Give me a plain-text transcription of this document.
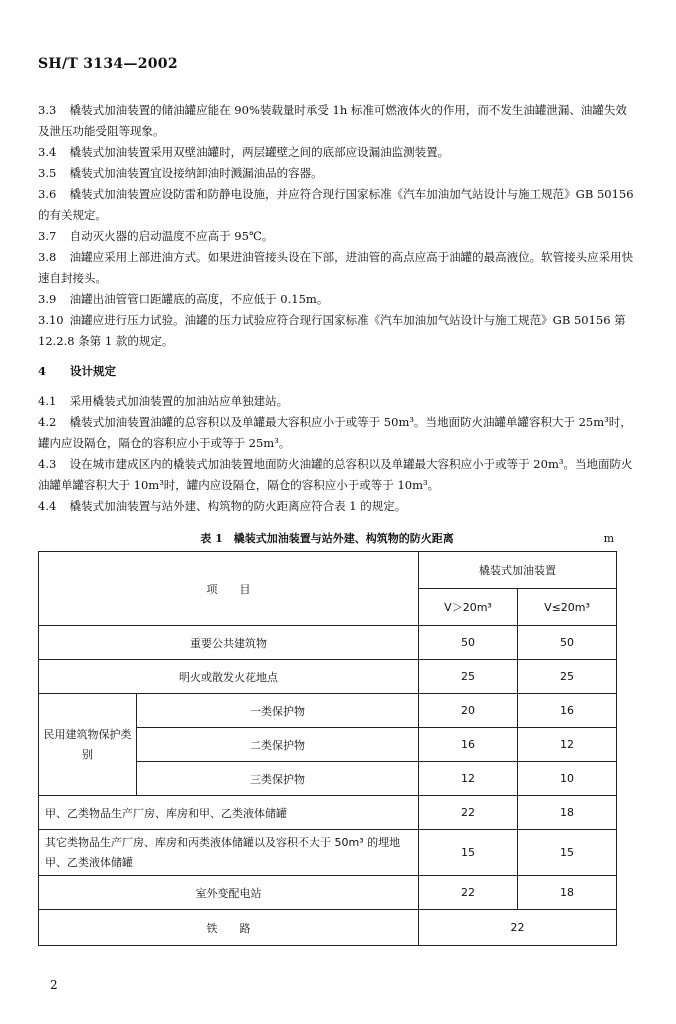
SH/T 3134—2002

3.3 橇装式加油装置的储油罐应能在 90%装载量时承受 1h 标准可燃液体火的作用，而不发生油罐泄漏、油罐失效及泄压功能受阻等现象。

3.4 橇装式加油装置采用双壁油罐时，两层罐壁之间的底部应设漏油监测装置。

3.5 橇装式加油装置宜设接纳卸油时溅漏油品的容器。

3.6 橇装式加油装置应设防雷和防静电设施，并应符合现行国家标准《汽车加油加气站设计与施工规范》GB 50156 的有关规定。

3.7 自动灭火器的启动温度不应高于 95℃。

3.8 油罐应采用上部进油方式。如果进油管接头设在下部，进油管的高点应高于油罐的最高液位。软管接头应采用快速自封接头。

3.9 油罐出油管管口距罐底的高度，不应低于 0.15m。

3.10 油罐应进行压力试验。油罐的压力试验应符合现行国家标准《汽车加油加气站设计与施工规范》GB 50156 第 12.2.8 条第 1 款的规定。

4 设计规定

4.1 采用橇装式加油装置的加油站应单独建站。

4.2 橇装式加油装置油罐的总容积以及单罐最大容积应小于或等于 50m³。当地面防火油罐单罐容积大于 25m³时，罐内应设隔仓，隔仓的容积应小于或等于 25m³。

4.3 设在城市建成区内的橇装式加油装置地面防火油罐的总容积以及单罐最大容积应小于或等于 20m³。当地面防火油罐单罐容积大于 10m³时，罐内应设隔仓，隔仓的容积应小于或等于 10m³。

4.4 橇装式加油装置与站外建、构筑物的防火距离应符合表 1 的规定。

表 1　橇装式加油装置与站外建、构筑物的防火距离	m
项　　目		橇装式加油装置	
		V＞20m³	V≤20m³
重要公共建筑物		50	50
明火或散发火花地点		25	25
民用建筑物保护类别	一类保护物	20	16
	二类保护物	16	12
	三类保护物	12	10
甲、乙类物品生产厂房、库房和甲、乙类液体储罐		22	18
其它类物品生产厂房、库房和丙类液体储罐以及容积不大于 50m³ 的埋地甲、乙类液体储罐		15	15
室外变配电站		22	18
铁　　路		22	
2
